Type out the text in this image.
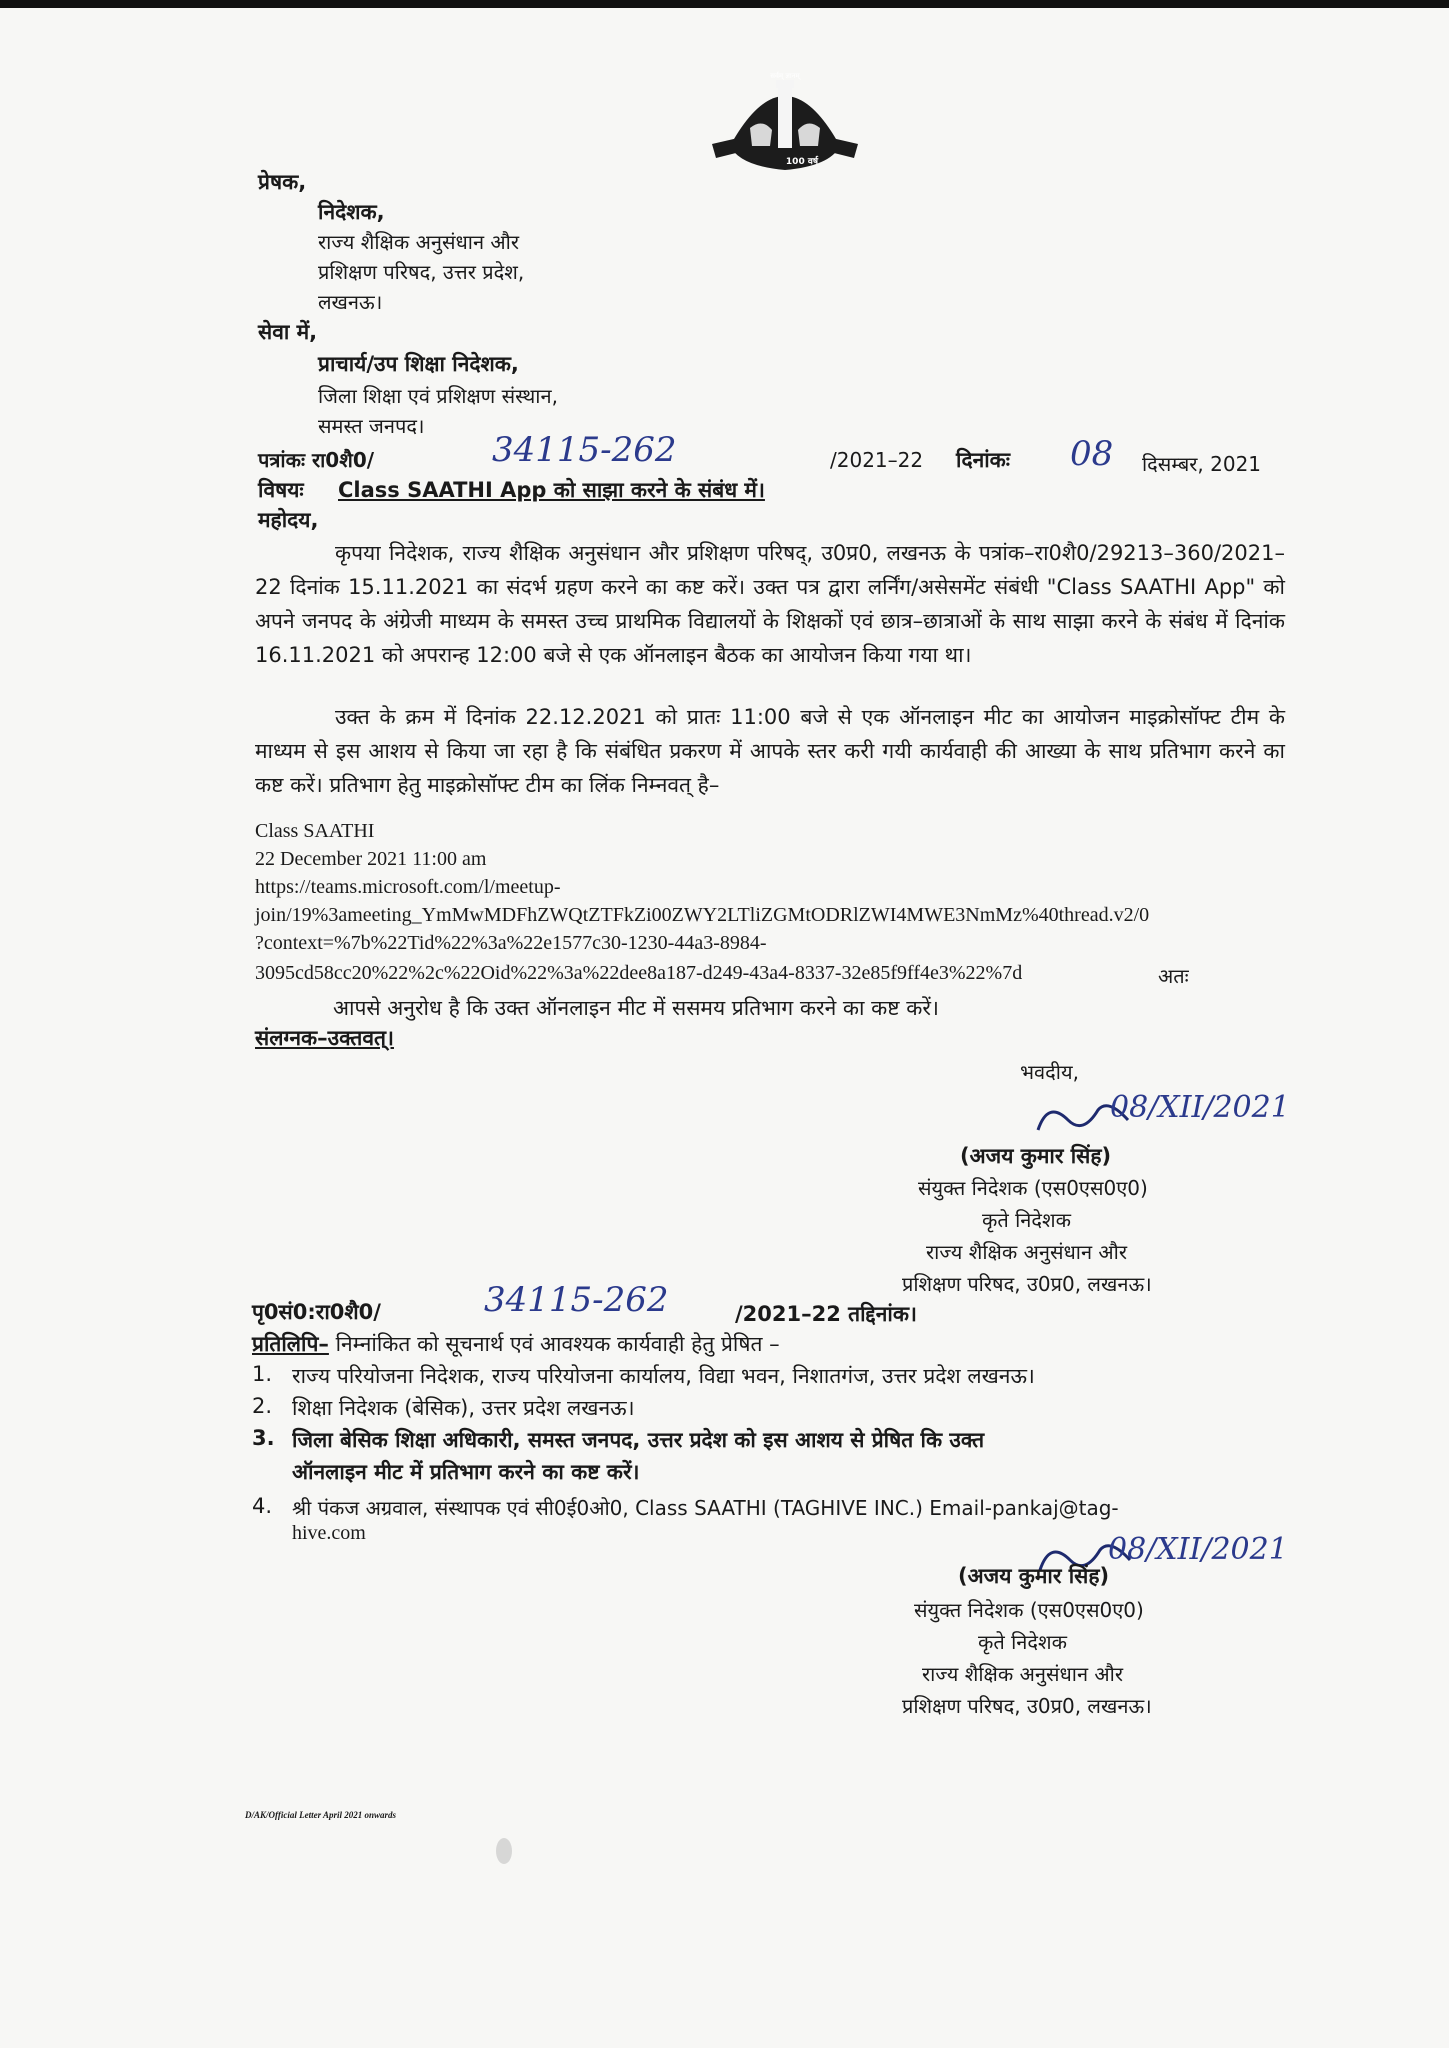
सर्वम् ज्ञानम्
100 वर्ष
प्रेषक,
निदेशक,
राज्य शैक्षिक अनुसंधान और
प्रशिक्षण परिषद, उत्तर प्रदेश,
लखनऊ।
सेवा में,
प्राचार्य/उप शिक्षा निदेशक,
जिला शिक्षा एवं प्रशिक्षण संस्थान,
समस्त जनपद।
पत्रांकः रा0शै0/	34115-262	/2021–22 दिनांकः 08 दिसम्बर, 2021
विषयः Class SAATHI App को साझा करने के संबंध में।
महोदय,
कृपया निदेशक, राज्य शैक्षिक अनुसंधान और प्रशिक्षण परिषद्, उ0प्र0, लखनऊ के पत्रांक–रा0शै0/29213–360/2021–22 दिनांक 15.11.2021 का संदर्भ ग्रहण करने का कष्ट करें। उक्त पत्र द्वारा लर्निंग/असेसमेंट संबंधी "Class SAATHI App" को अपने जनपद के अंग्रेजी माध्यम के समस्त उच्च प्राथमिक विद्यालयों के शिक्षकों एवं छात्र–छात्राओं के साथ साझा करने के संबंध में दिनांक 16.11.2021 को अपरान्ह 12:00 बजे से एक ऑनलाइन बैठक का आयोजन किया गया था।
उक्त के क्रम में दिनांक 22.12.2021 को प्रातः 11:00 बजे से एक ऑनलाइन मीट का आयोजन माइक्रोसॉफ्ट टीम के माध्यम से इस आशय से किया जा रहा है कि संबंधित प्रकरण में आपके स्तर करी गयी कार्यवाही की आख्या के साथ प्रतिभाग करने का कष्ट करें। प्रतिभाग हेतु माइक्रोसॉफ्ट टीम का लिंक निम्नवत् है–
Class SAATHI
22 December 2021 11:00 am
https://teams.microsoft.com/l/meetup-
join/19%3ameeting_YmMwMDFhZWQtZTFkZi00ZWY2LTliZGMtODRlZWI4MWE3NmMz%40thread.v2/0
?context=%7b%22Tid%22%3a%22e1577c30-1230-44a3-8984-
3095cd58cc20%22%2c%22Oid%22%3a%22dee8a187-d249-43a4-8337-32e85f9ff4e3%22%7d	अतः
आपसे अनुरोध है कि उक्त ऑनलाइन मीट में ससमय प्रतिभाग करने का कष्ट करें।
संलग्नक–उक्तवत्।
भवदीय,
08/XII/2021
(अजय कुमार सिंह)
संयुक्त निदेशक (एस0एस0ए0)
कृते निदेशक
राज्य शैक्षिक अनुसंधान और
प्रशिक्षण परिषद, उ0प्र0, लखनऊ।
पृ0सं0:रा0शै0/	34115-262	/2021–22 तद्दिनांक।
प्रतिलिपि– निम्नांकित को सूचनार्थ एवं आवश्यक कार्यवाही हेतु प्रेषित –
1. राज्य परियोजना निदेशक, राज्य परियोजना कार्यालय, विद्या भवन, निशातगंज, उत्तर प्रदेश लखनऊ।
2. शिक्षा निदेशक (बेसिक), उत्तर प्रदेश लखनऊ।
3. जिला बेसिक शिक्षा अधिकारी, समस्त जनपद, उत्तर प्रदेश को इस आशय से प्रेषित कि उक्त
ऑनलाइन मीट में प्रतिभाग करने का कष्ट करें।
4. श्री पंकज अग्रवाल, संस्थापक एवं सी0ई0ओ0, Class SAATHI (TAGHIVE INC.) Email-pankaj@tag-
hive.com	08/XII/2021
(अजय कुमार सिंह)
संयुक्त निदेशक (एस0एस0ए0)
कृते निदेशक
राज्य शैक्षिक अनुसंधान और
प्रशिक्षण परिषद, उ0प्र0, लखनऊ।
D/AK/Official Letter April 2021 onwards
